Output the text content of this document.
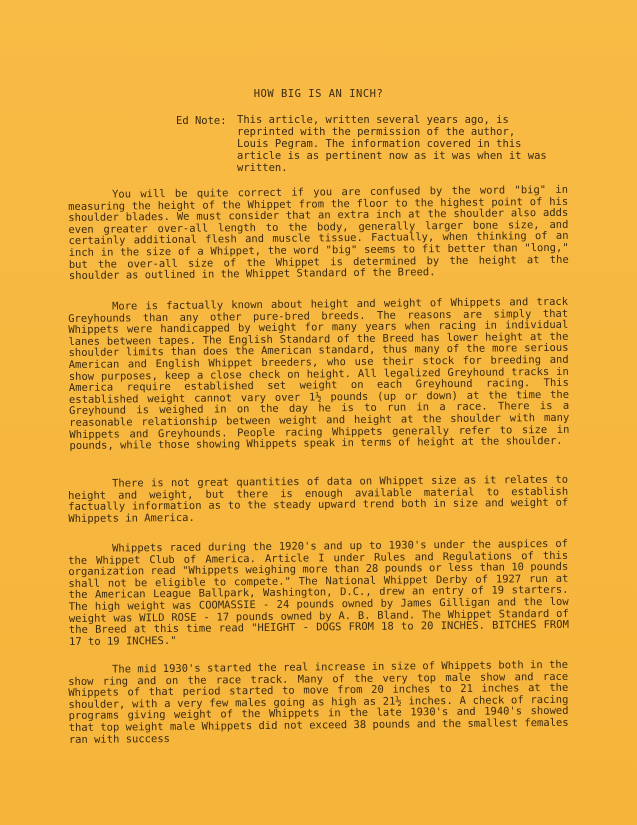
HOW BIG IS AN INCH?
Ed Note: This article, written several years ago, is reprinted with the permission of the author, Louis Pegram. The information covered in this article is as pertinent now as it was when it was written.
You will be quite correct if you are confused by the word "big" in measuring the height of the Whippet from the floor to the highest point of his shoulder blades. We must consider that an extra inch at the shoulder also adds even greater over-all length to the body, generally larger bone size, and certainly additional flesh and muscle tissue. Factually, when thinking of an inch in the size of a Whippet, the word "big" seems to fit better than "long," but the over-all size of the Whippet is determined by the height at the shoulder as outlined in the Whippet Standard of the Breed.
More is factually known about height and weight of Whippets and track Greyhounds than any other pure-bred breeds. The reasons are simply that Whippets were handicapped by weight for many years when racing in individual lanes between tapes. The English Standard of the Breed has lower height at the shoulder limits than does the American standard, thus many of the more serious American and English Whippet breeders, who use their stock for breeding and show purposes, keep a close check on height. All legalized Greyhound tracks in America require established set weight on each Greyhound racing. This established weight cannot vary over 1½ pounds (up or down) at the time the Greyhound is weighed in on the day he is to run in a race. There is a reasonable relationship between weight and height at the shoulder with many Whippets and Greyhounds. People racing Whippets generally refer to size in pounds, while those showing Whippets speak in terms of height at the shoulder.
There is not great quantities of data on Whippet size as it relates to height and weight, but there is enough available material to establish factually information as to the steady upward trend both in size and weight of Whippets in America.
Whippets raced during the 1920's and up to 1930's under the auspices of the Whippet Club of America. Article I under Rules and Regulations of this organization read "Whippets weighing more than 28 pounds or less than 10 pounds shall not be eligible to compete." The National Whippet Derby of 1927 run at the American League Ballpark, Washington, D.C., drew an entry of 19 starters. The high weight was COOMASSIE - 24 pounds owned by James Gilligan and the low weight was WILD ROSE - 17 pounds owned by A. B. Bland. The Whippet Standard of the Breed at this time read "HEIGHT - DOGS FROM 18 to 20 INCHES. BITCHES FROM 17 to 19 INCHES."
The mid 1930's started the real increase in size of Whippets both in the show ring and on the race track. Many of the very top male show and race Whippets of that period started to move from 20 inches to 21 inches at the shoulder, with a very few males going as high as 21½ inches. A check of racing programs giving weight of the Whippets in the late 1930's and 1940's showed that top weight male Whippets did not exceed 38 pounds and the smallest females ran with success
